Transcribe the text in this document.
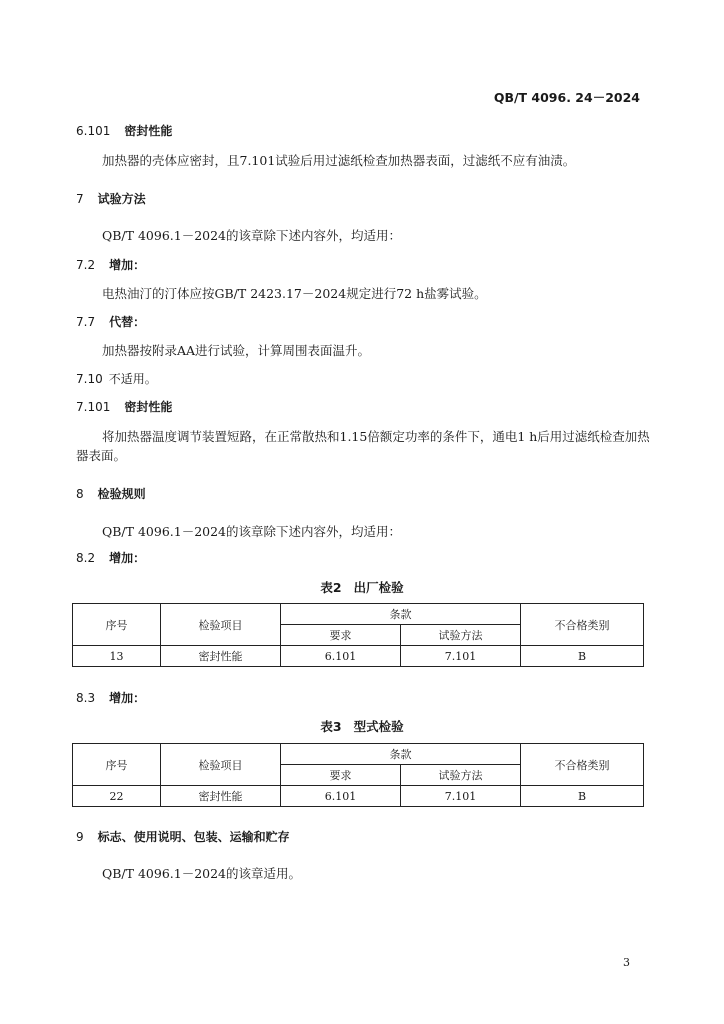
QB/T 4096. 24－2024
6.101 密封性能
加热器的壳体应密封，且7.101试验后用过滤纸检查加热器表面，过滤纸不应有油渍。
7 试验方法
QB/T 4096.1－2024的该章除下述内容外，均适用：
7.2 增加：
电热油汀的汀体应按GB/T 2423.17－2024规定进行72 h盐雾试验。
7.7 代替：
加热器按附录AA进行试验，计算周围表面温升。
7.10 不适用。
7.101 密封性能
将加热器温度调节装置短路，在正常散热和1.15倍额定功率的条件下，通电1 h后用过滤纸检查加热
器表面。
8 检验规则
QB/T 4096.1－2024的该章除下述内容外，均适用：
8.2 增加：
表2 出厂检验
序号	检验项目	条款		不合格类别
		要求	试验方法	
13	密封性能	6.101	7.101	B
8.3 增加：
表3 型式检验
序号	检验项目	条款		不合格类别
		要求	试验方法	
22	密封性能	6.101	7.101	B
9 标志、使用说明、包装、运输和贮存
QB/T 4096.1－2024的该章适用。
3
